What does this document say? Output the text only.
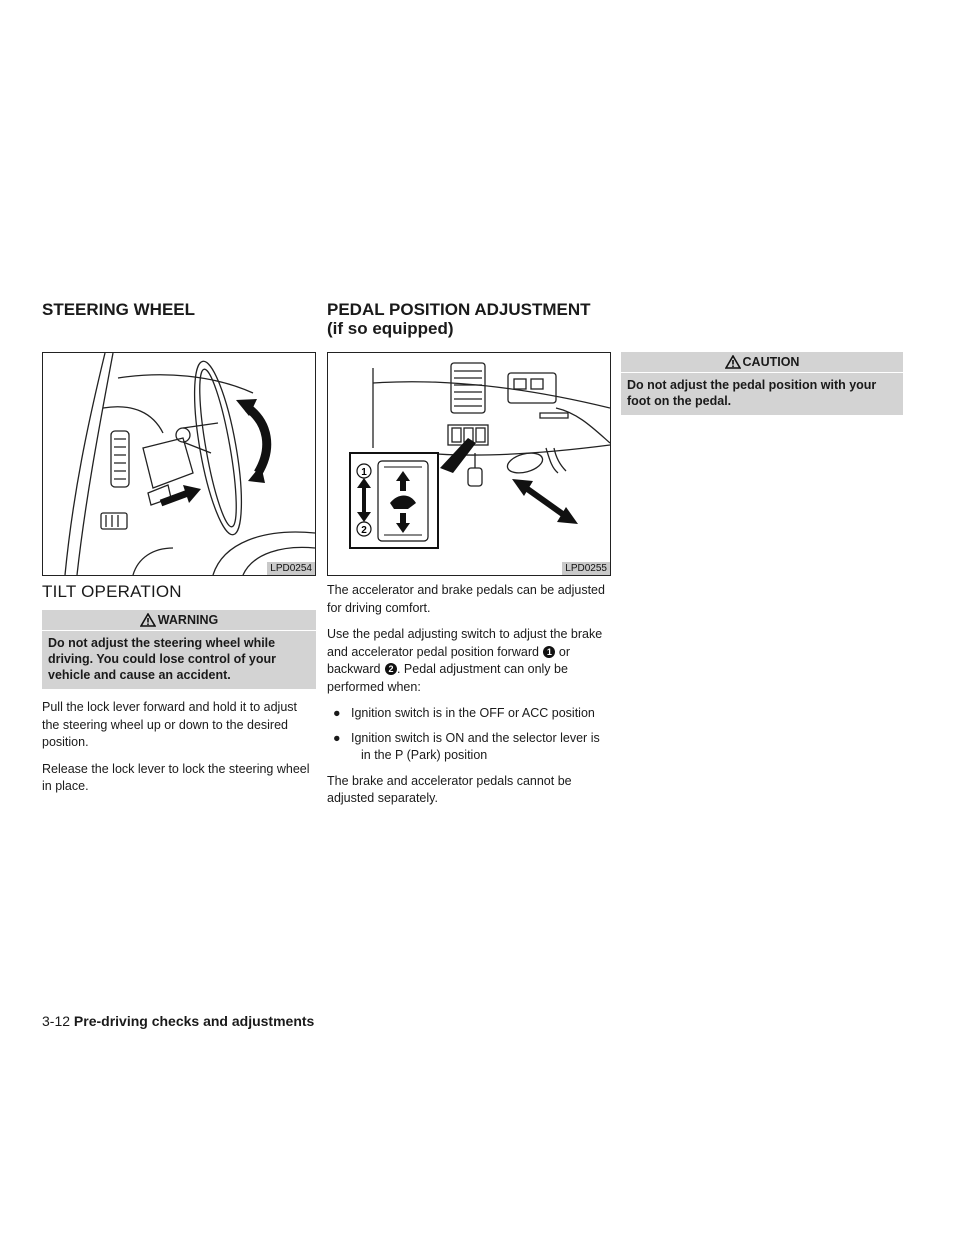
STEERING WHEEL
LPD0254
TILT OPERATION
WARNING
Do not adjust the steering wheel while driving. You could lose control of your vehicle and cause an accident.

Pull the lock lever forward and hold it to adjust the steering wheel up or down to the desired position.

Release the lock lever to lock the steering wheel in place.

PEDAL POSITION ADJUSTMENT (if so equipped)
1
2
LPD0255

The accelerator and brake pedals can be adjusted for driving comfort.

Use the pedal adjusting switch to adjust the brake and accelerator pedal position forward 1 or backward 2 . Pedal adjustment can only be performed when:

● Ignition switch is in the OFF or ACC position
● Ignition switch is ON and the selector lever is in the P (Park) position

The brake and accelerator pedals cannot be adjusted separately.

CAUTION
Do not adjust the pedal position with your foot on the pedal.
3-12 Pre-driving checks and adjustments
